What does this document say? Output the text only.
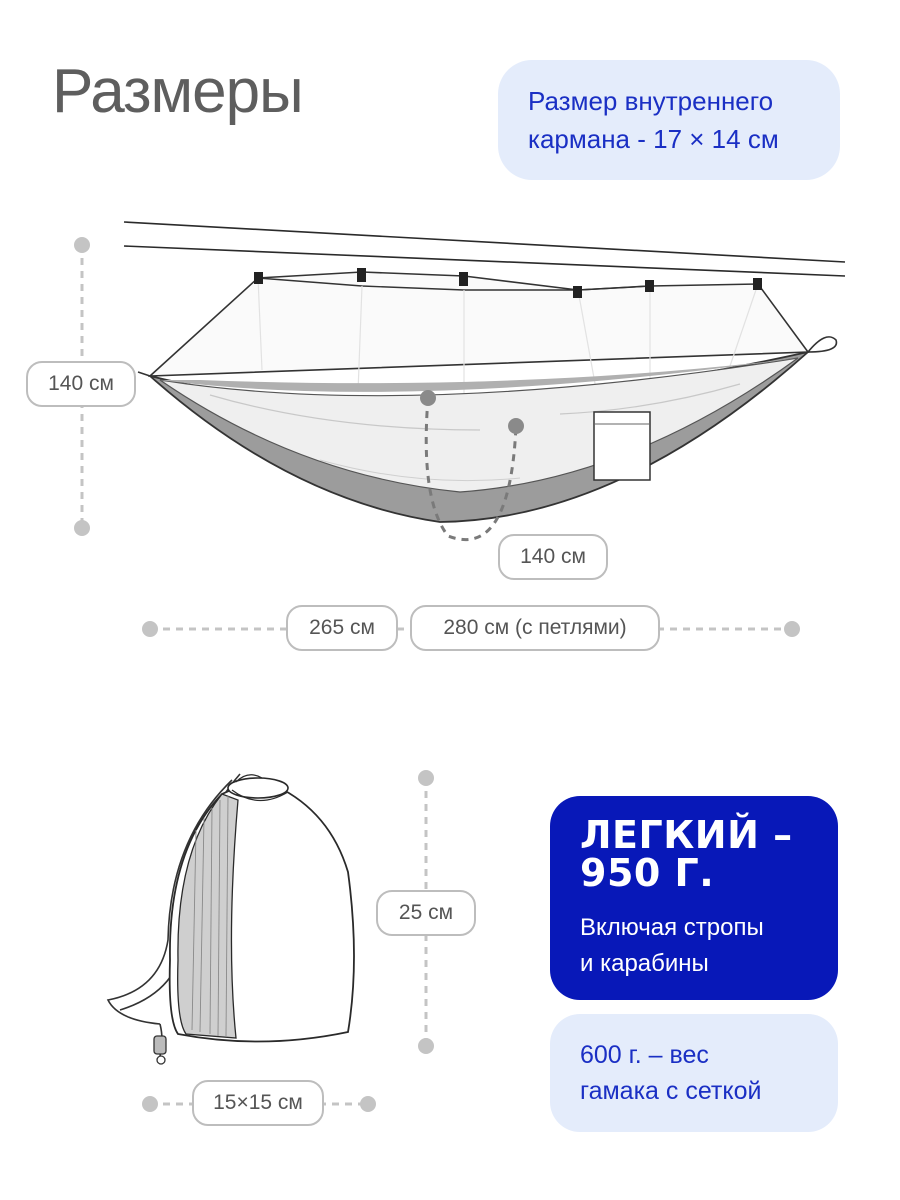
Размеры	Размер внутреннего
кармана - 17 × 14 см
140 см
140 см
265 см	280 см (с петлями)
25 см
15×15 см
ЛЕГКИЙ –
950 Г.
Включая стропы
и карабины
600 г. – вес
гамака с сеткой
